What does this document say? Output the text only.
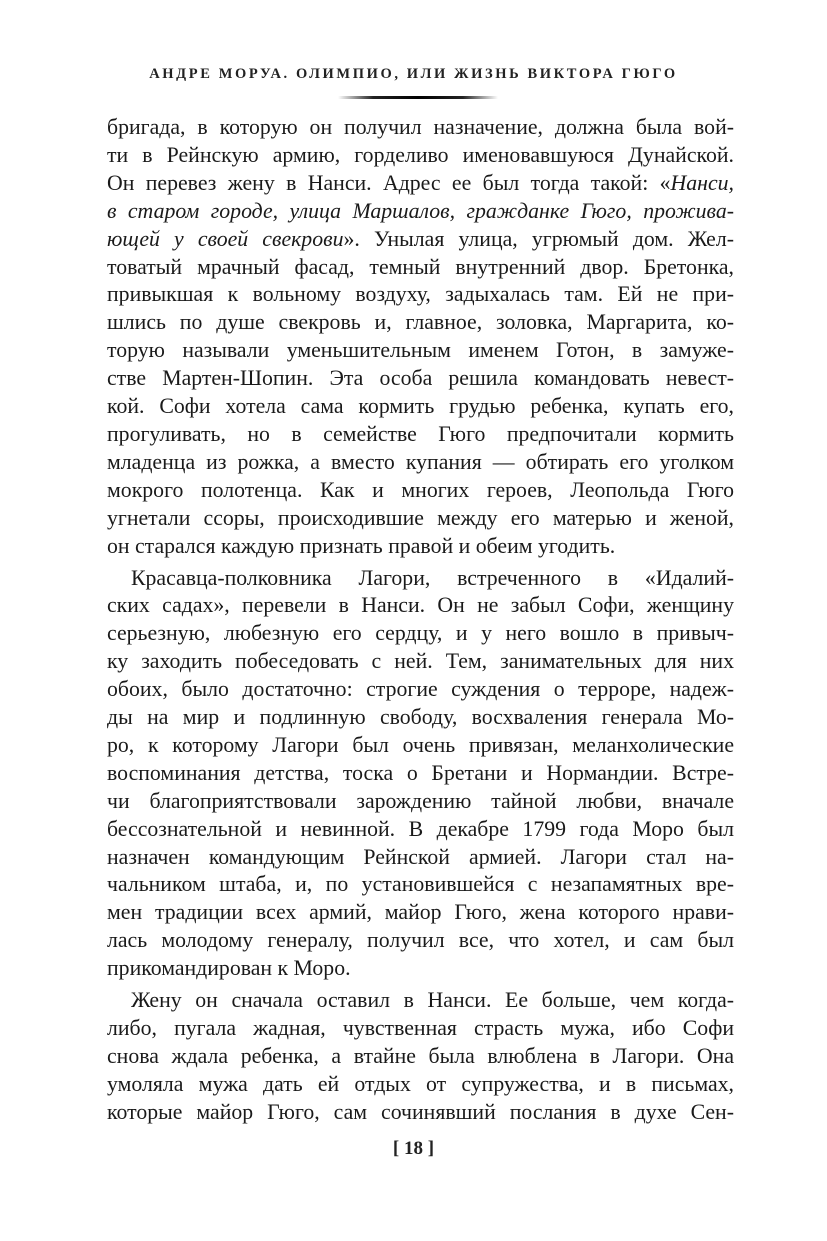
АНДРЕ МОРУА. ОЛИМПИО, ИЛИ ЖИЗНЬ ВИКТОРА ГЮГО
бригада, в которую он получил назначение, должна была вой-
ти в Рейнскую армию, горделиво именовавшуюся Дунайской.
Он перевез жену в Нанси. Адрес ее был тогда такой: «Нанси,
в старом городе, улица Маршалов, гражданке Гюго, прожива-
ющей у своей свекрови». Унылая улица, угрюмый дом. Жел-
товатый мрачный фасад, темный внутренний двор. Бретонка,
привыкшая к вольному воздуху, задыхалась там. Ей не при-
шлись по душе свекровь и, главное, золовка, Маргарита, ко-
торую называли уменьшительным именем Готон, в замуже-
стве Мартен-Шопин. Эта особа решила командовать невест-
кой. Софи хотела сама кормить грудью ребенка, купать его,
прогуливать, но в семействе Гюго предпочитали кормить
младенца из рожка, а вместо купания — обтирать его уголком
мокрого полотенца. Как и многих героев, Леопольда Гюго
угнетали ссоры, происходившие между его матерью и женой,
он старался каждую признать правой и обеим угодить.
Красавца-полковника Лагори, встреченного в «Идалий-
ских садах», перевели в Нанси. Он не забыл Софи, женщину
серьезную, любезную его сердцу, и у него вошло в привыч-
ку заходить побеседовать с ней. Тем, занимательных для них
обоих, было достаточно: строгие суждения о терроре, надеж-
ды на мир и подлинную свободу, восхваления генерала Мо-
ро, к которому Лагори был очень привязан, меланхолические
воспоминания детства, тоска о Бретани и Нормандии. Встре-
чи благоприятствовали зарождению тайной любви, вначале
бессознательной и невинной. В декабре 1799 года Моро был
назначен командующим Рейнской армией. Лагори стал на-
чальником штаба, и, по установившейся с незапамятных вре-
мен традиции всех армий, майор Гюго, жена которого нрави-
лась молодому генералу, получил все, что хотел, и сам был
прикомандирован к Моро.
Жену он сначала оставил в Нанси. Ее больше, чем когда-
либо, пугала жадная, чувственная страсть мужа, ибо Софи
снова ждала ребенка, а втайне была влюблена в Лагори. Она
умоляла мужа дать ей отдых от супружества, и в письмах,
которые майор Гюго, сам сочинявший послания в духе Сен-
[ 18 ]
